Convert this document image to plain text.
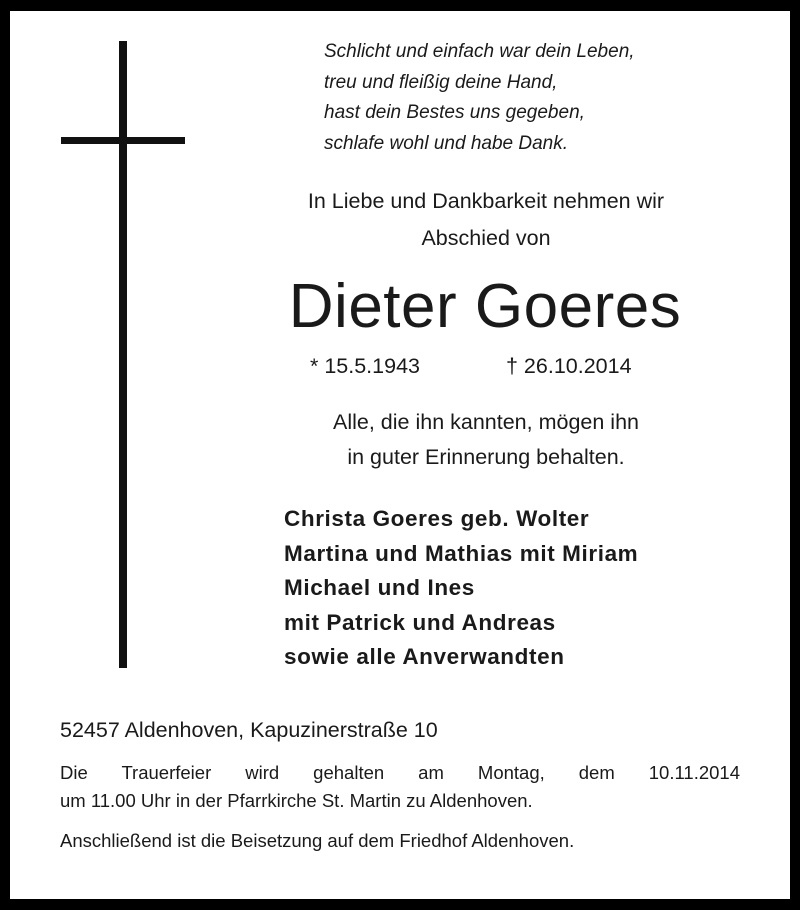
Schlicht und einfach war dein Leben,
treu und fleißig deine Hand,
hast dein Bestes uns gegeben,
schlafe wohl und habe Dank.
In Liebe und Dankbarkeit nehmen wir
Abschied von
Dieter Goeres
* 15.5.1943	† 26.10.2014
Alle, die ihn kannten, mögen ihn
in guter Erinnerung behalten.
Christa Goeres geb. Wolter
Martina und Mathias mit Miriam
Michael und Ines
mit Patrick und Andreas
sowie alle Anverwandten
52457 Aldenhoven, Kapuzinerstraße 10
Die Trauerfeier wird gehalten am Montag, dem 10.11.2014
um 11.00 Uhr in der Pfarrkirche St. Martin zu Aldenhoven.
Anschließend ist die Beisetzung auf dem Friedhof Aldenhoven.
